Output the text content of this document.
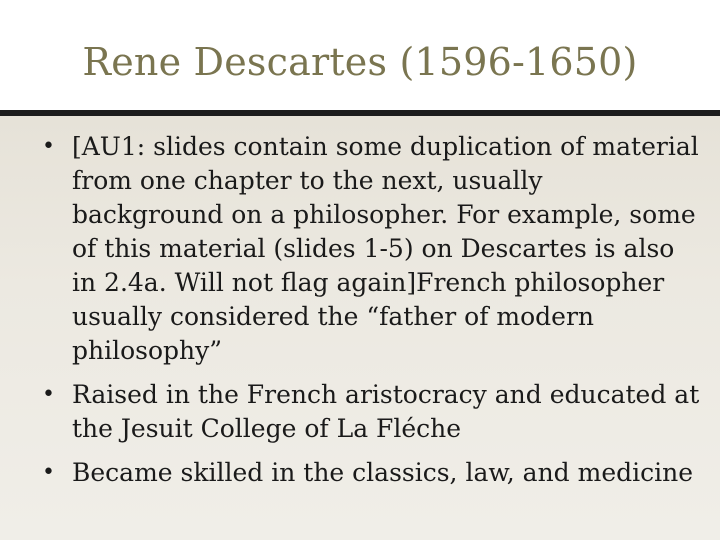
Rene Descartes (1596-1650)
• [AU1: slides contain some duplication of material from one chapter to the next, usually background on a philosopher. For example, some of this material (slides 1-5) on Descartes is also in 2.4a. Will not flag again]French philosopher usually considered the “father of modern philosophy”
• Raised in the French aristocracy and educated at the Jesuit College of La Fléche
• Became skilled in the classics, law, and medicine
